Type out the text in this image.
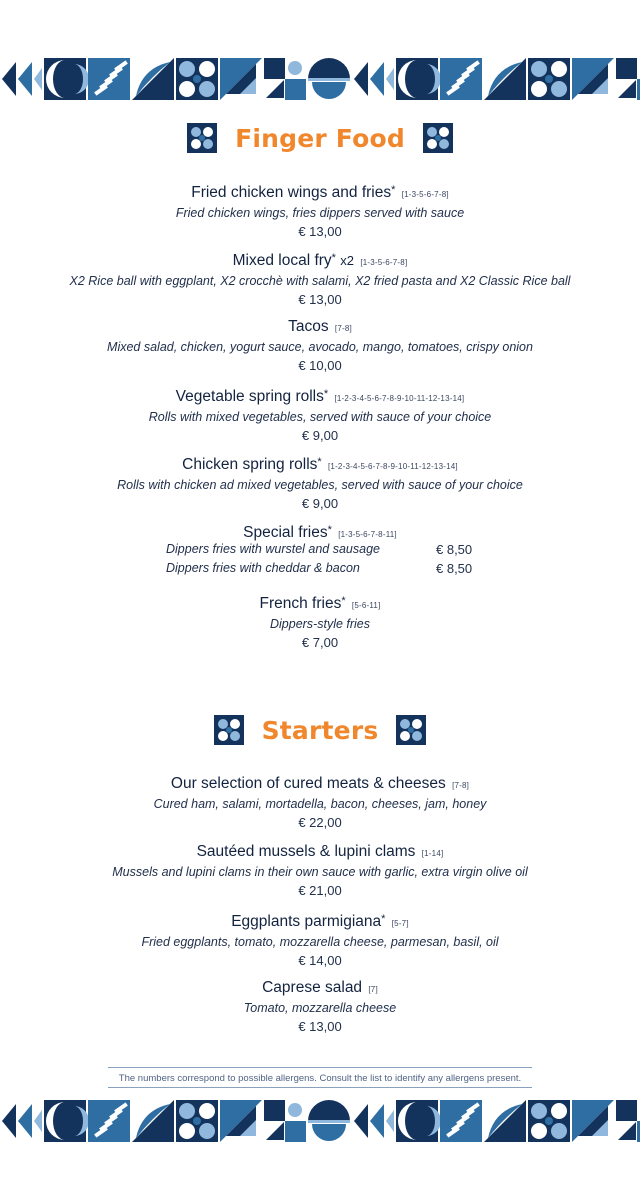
Finger Food
Fried chicken wings and fries* [1-3-5-6-7-8]
Fried chicken wings, fries dippers served with sauce
€ 13,00
Mixed local fry* x2 [1-3-5-6-7-8]
X2 Rice ball with eggplant, X2 crocchè with salami, X2 fried pasta and X2 Classic Rice ball
€ 13,00
Tacos [7-8]
Mixed salad, chicken, yogurt sauce, avocado, mango, tomatoes, crispy onion
€ 10,00
Vegetable spring rolls* [1-2-3-4-5-6-7-8-9-10-11-12-13-14]
Rolls with mixed vegetables, served with sauce of your choice
€ 9,00
Chicken spring rolls* [1-2-3-4-5-6-7-8-9-10-11-12-13-14]
Rolls with chicken ad mixed vegetables, served with sauce of your choice
€ 9,00
Special fries* [1-3-5-6-7-8-11]
Dippers fries with wurstel and sausage	€ 8,50
Dippers fries with cheddar & bacon	€ 8,50
French fries* [5-6-11]
Dippers-style fries
€ 7,00
Starters
Our selection of cured meats & cheeses [7-8]
Cured ham, salami, mortadella, bacon, cheeses, jam, honey
€ 22,00
Sautéed mussels & lupini clams [1-14]
Mussels and lupini clams in their own sauce with garlic, extra virgin olive oil
€ 21,00
Eggplants parmigiana* [5-7]
Fried eggplants, tomato, mozzarella cheese, parmesan, basil, oil
€ 14,00
Caprese salad [7]
Tomato, mozzarella cheese
€ 13,00
The numbers correspond to possible allergens. Consult the list to identify any allergens present.
